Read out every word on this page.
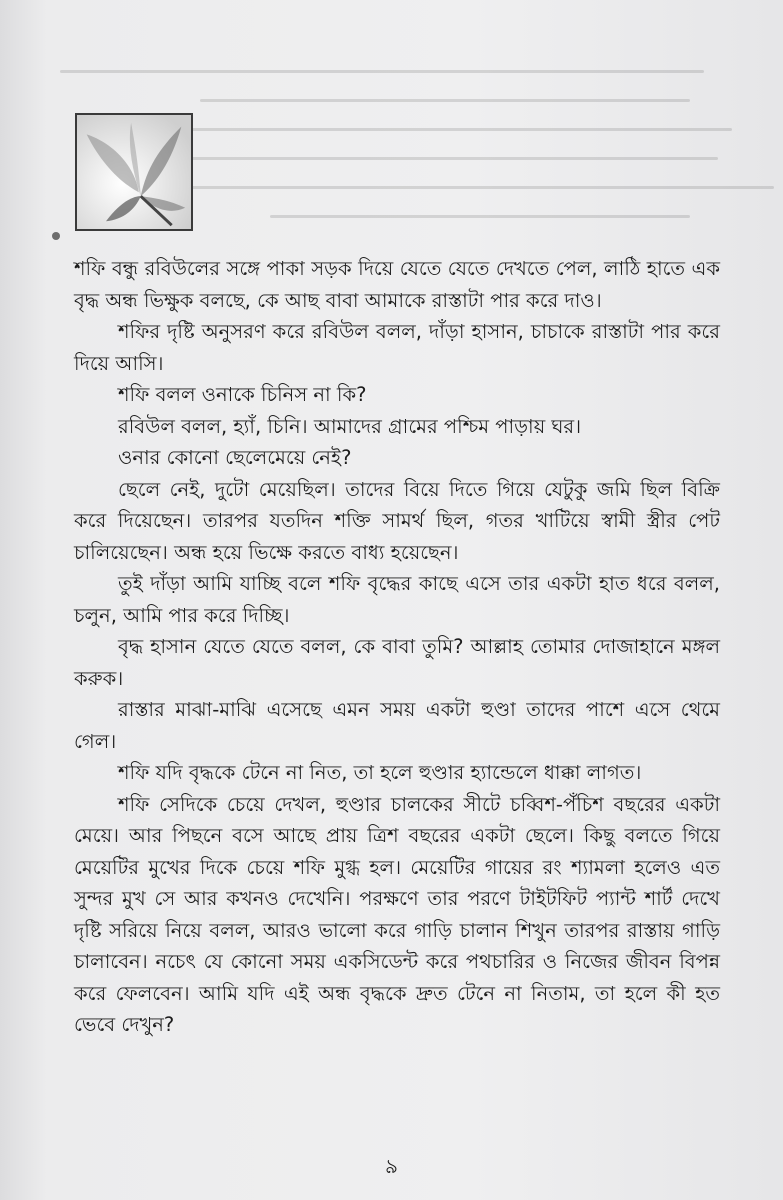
শফি বন্ধু রবিউলের সঙ্গে পাকা সড়ক দিয়ে যেতে যেতে দেখতে পেল, লাঠি হাতে এক বৃদ্ধ অন্ধ ভিক্ষুক বলছে, কে আছ বাবা আমাকে রাস্তাটা পার করে দাও।

শফির দৃষ্টি অনুসরণ করে রবিউল বলল, দাঁড়া হাসান, চাচাকে রাস্তাটা পার করে দিয়ে আসি।

শফি বলল ওনাকে চিনিস না কি?

রবিউল বলল, হ্যাঁ, চিনি। আমাদের গ্রামের পশ্চিম পাড়ায় ঘর।

ওনার কোনো ছেলেমেয়ে নেই?

ছেলে নেই, দুটো মেয়েছিল। তাদের বিয়ে দিতে গিয়ে যেটুকু জমি ছিল বিক্রি করে দিয়েছেন। তারপর যতদিন শক্তি সামর্থ ছিল, গতর খাটিয়ে স্বামী স্ত্রীর পেট চালিয়েছেন। অন্ধ হয়ে ভিক্ষে করতে বাধ্য হয়েছেন।

তুই দাঁড়া আমি যাচ্ছি বলে শফি বৃদ্ধের কাছে এসে তার একটা হাত ধরে বলল, চলুন, আমি পার করে দিচ্ছি।

বৃদ্ধ হাসান যেতে যেতে বলল, কে বাবা তুমি? আল্লাহ তোমার দোজাহানে মঙ্গল করুক।

রাস্তার মাঝা-মাঝি এসেছে এমন সময় একটা হুণ্ডা তাদের পাশে এসে থেমে গেল।

শফি যদি বৃদ্ধকে টেনে না নিত, তা হলে হুণ্ডার হ্যান্ডেলে ধাক্কা লাগত।

শফি সেদিকে চেয়ে দেখল, হুণ্ডার চালকের সীটে চব্বিশ-পঁচিশ বছরের একটা মেয়ে। আর পিছনে বসে আছে প্রায় ত্রিশ বছরের একটা ছেলে। কিছু বলতে গিয়ে মেয়েটির মুখের দিকে চেয়ে শফি মুগ্ধ হল। মেয়েটির গায়ের রং শ্যামলা হলেও এত সুন্দর মুখ সে আর কখনও দেখেনি। পরক্ষণে তার পরণে টাইটফিট প্যান্ট শার্ট দেখে দৃষ্টি সরিয়ে নিয়ে বলল, আরও ভালো করে গাড়ি চালান শিখুন তারপর রাস্তায় গাড়ি চালাবেন। নচেৎ যে কোনো সময় একসিডেন্ট করে পথচারির ও নিজের জীবন বিপন্ন করে ফেলবেন। আমি যদি এই অন্ধ বৃদ্ধকে দ্রুত টেনে না নিতাম, তা হলে কী হত ভেবে দেখুন?

৯
